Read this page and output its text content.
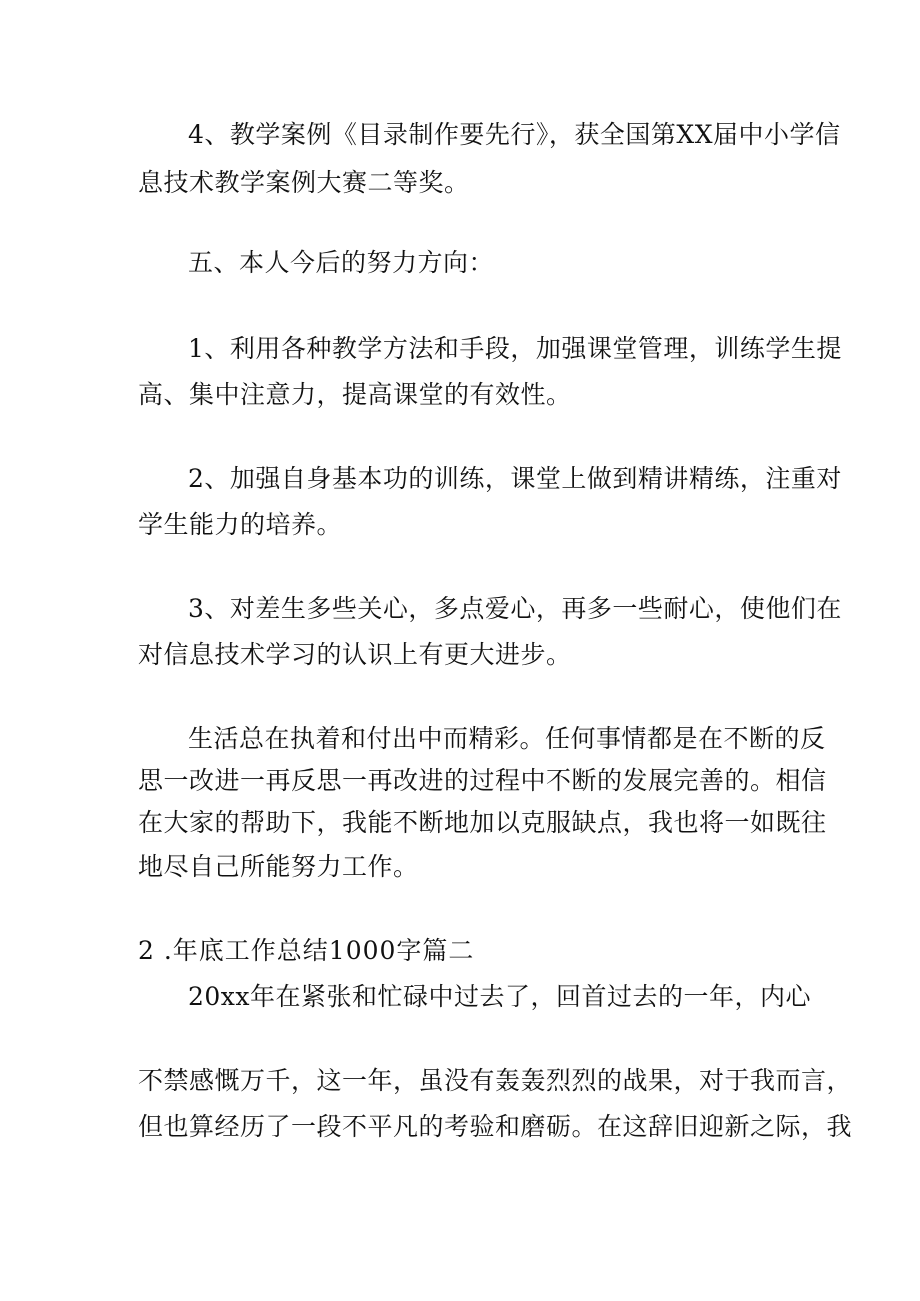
4、教学案例《目录制作要先行》，获全国第XX届中小学信
息技术教学案例大赛二等奖。
五、本人今后的努力方向：
1、利用各种教学方法和手段，加强课堂管理，训练学生提
高、集中注意力，提高课堂的有效性。
2、加强自身基本功的训练，课堂上做到精讲精练，注重对
学生能力的培养。
3、对差生多些关心，多点爱心，再多一些耐心，使他们在
对信息技术学习的认识上有更大进步。
生活总在执着和付出中而精彩。任何事情都是在不断的反
思一改进一再反思一再改进的过程中不断的发展完善的。相信
在大家的帮助下，我能不断地加以克服缺点，我也将一如既往
地尽自己所能努力工作。
2 .年底工作总结1000字篇二
20xx年在紧张和忙碌中过去了，回首过去的一年，内心
不禁感慨万千，这一年，虽没有轰轰烈烈的战果，对于我而言，
但也算经历了一段不平凡的考验和磨砺。在这辞旧迎新之际，我
